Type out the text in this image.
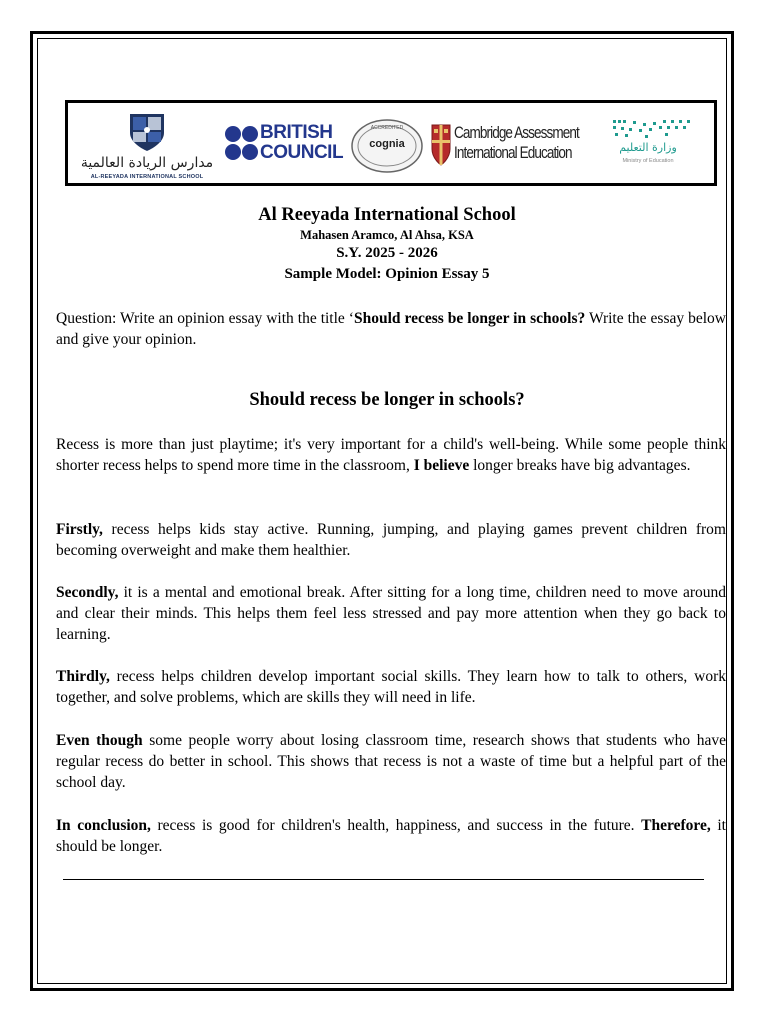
مدارس الريادة العالمية
AL-REEYADA INTERNATIONAL SCHOOL
BRITISH
COUNCIL
ACCREDITED
cognia
Cambridge Assessment
International Education	وزارة التعليم
Ministry of Education

Al Reeyada International School

Mahasen Aramco, Al Ahsa, KSA

S.Y. 2025 - 2026

Sample Model: Opinion Essay 5

Question: Write an opinion essay with the title ‘Should recess be longer in schools? Write the essay below and give your opinion.

Should recess be longer in schools?

Recess is more than just playtime; it's very important for a child's well-being. While some people think shorter recess helps to spend more time in the classroom, I believe longer breaks have big advantages.

Firstly, recess helps kids stay active. Running, jumping, and playing games prevent children from becoming overweight and make them healthier.

Secondly, it is a mental and emotional break. After sitting for a long time, children need to move around and clear their minds. This helps them feel less stressed and pay more attention when they go back to learning.

Thirdly, recess helps children develop important social skills. They learn how to talk to others, work together, and solve problems, which are skills they will need in life.

Even though some people worry about losing classroom time, research shows that students who have regular recess do better in school. This shows that recess is not a waste of time but a helpful part of the school day.

In conclusion, recess is good for children's health, happiness, and success in the future. Therefore, it should be longer.
